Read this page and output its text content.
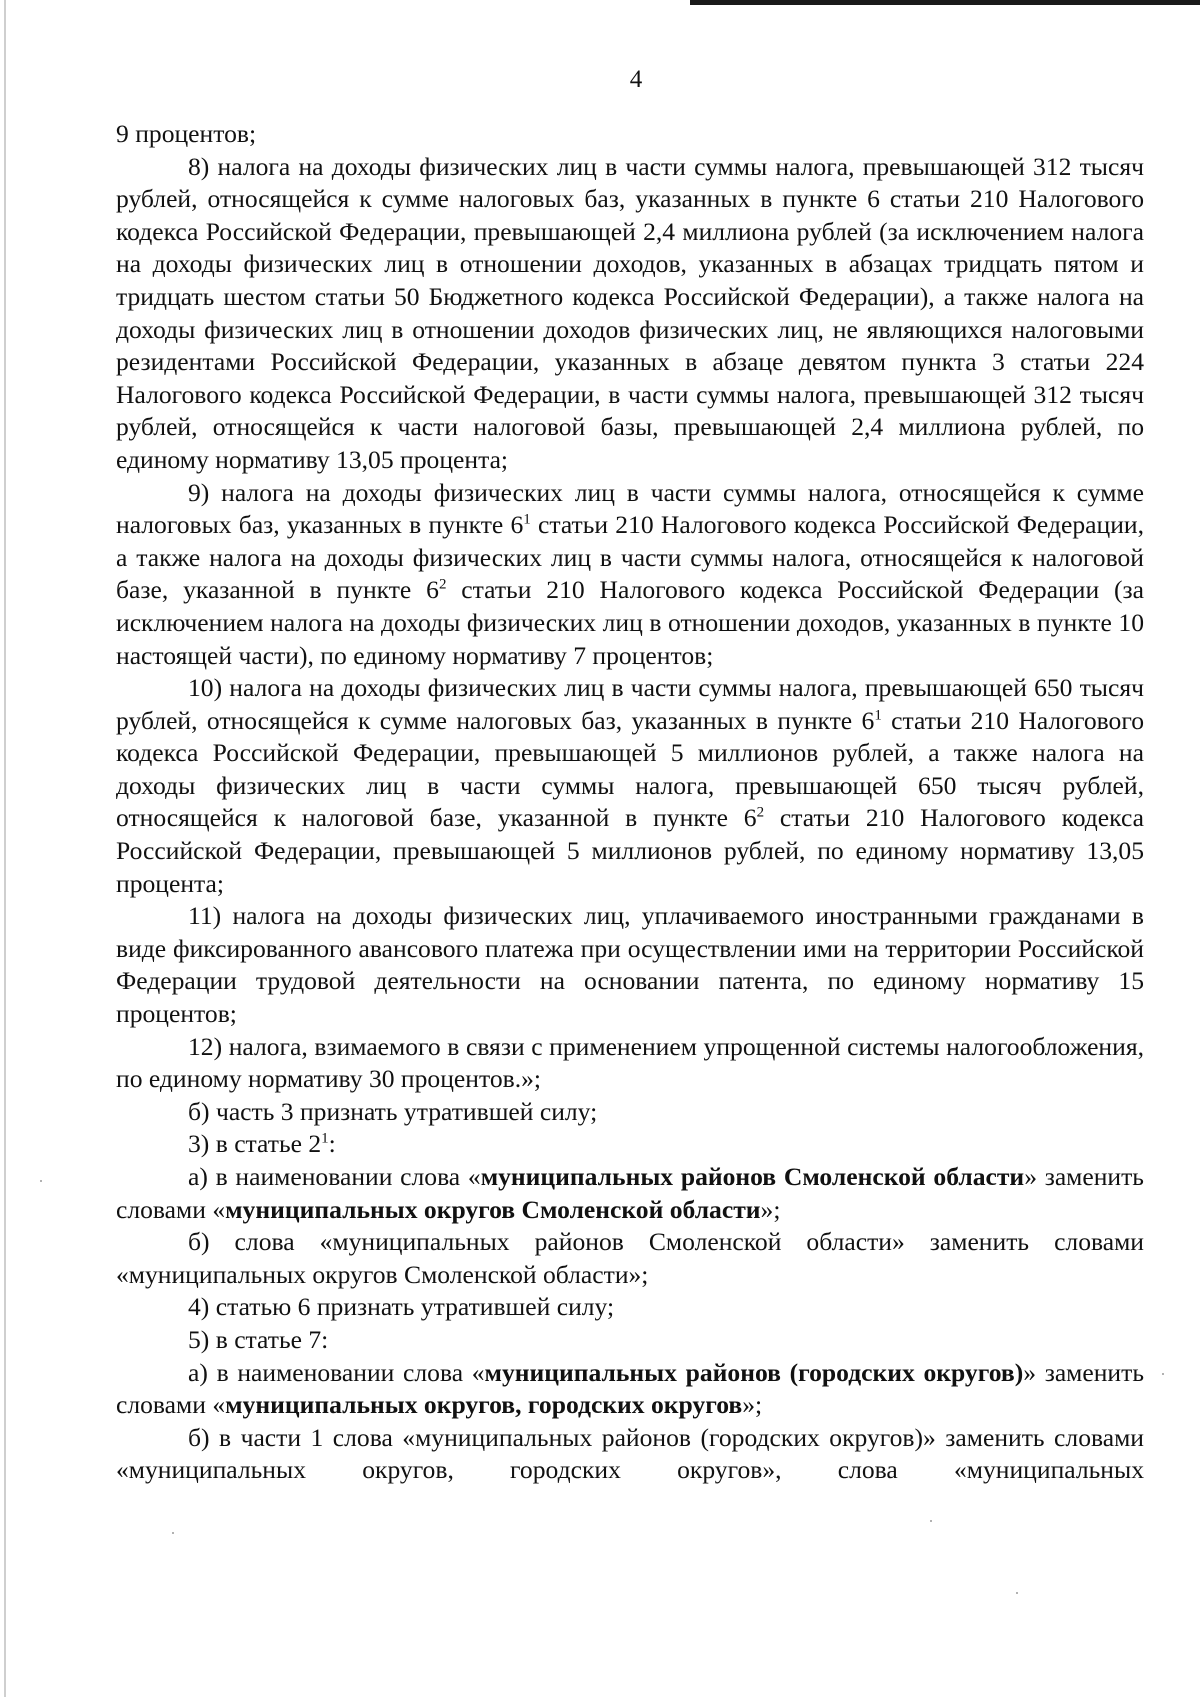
4

9 процентов;

8) налога на доходы физических лиц в части суммы налога, превышающей 312 тысяч рублей, относящейся к сумме налоговых баз, указанных в пункте 6 статьи 210 Налогового кодекса Российской Федерации, превышающей 2,4 миллиона рублей (за исключением налога на доходы физических лиц в отношении доходов, указанных в абзацах тридцать пятом и тридцать шестом статьи 50 Бюджетного кодекса Российской Федерации), а также налога на доходы физических лиц в отношении доходов физических лиц, не являющихся налоговыми резидентами Российской Федерации, указанных в абзаце девятом пункта 3 статьи 224 Налогового кодекса Российской Федерации, в части суммы налога, превышающей 312 тысяч рублей, относящейся к части налоговой базы, превышающей 2,4 миллиона рублей, по единому нормативу 13,05 процента;

9) налога на доходы физических лиц в части суммы налога, относящейся к сумме налоговых баз, указанных в пункте $6^1$ статьи 210 Налогового кодекса Российской Федерации, а также налога на доходы физических лиц в части суммы налога, относящейся к налоговой базе, указанной в пункте $6^2$ статьи 210 Налогового кодекса Российской Федерации (за исключением налога на доходы физических лиц в отношении доходов, указанных в пункте 10 настоящей части), по единому нормативу 7 процентов;

10) налога на доходы физических лиц в части суммы налога, превышающей 650 тысяч рублей, относящейся к сумме налоговых баз, указанных в пункте $6^1$ статьи 210 Налогового кодекса Российской Федерации, превышающей 5 миллионов рублей, а также налога на доходы физических лиц в части суммы налога, превышающей 650 тысяч рублей, относящейся к налоговой базе, указанной в пункте $6^2$ статьи 210 Налогового кодекса Российской Федерации, превышающей 5 миллионов рублей, по единому нормативу 13,05 процента;

11) налога на доходы физических лиц, уплачиваемого иностранными гражданами в виде фиксированного авансового платежа при осуществлении ими на территории Российской Федерации трудовой деятельности на основании патента, по единому нормативу 15 процентов;

12) налога, взимаемого в связи с применением упрощенной системы налогообложения, по единому нормативу 30 процентов.»;

б) часть 3 признать утратившей силу;

3) в статье $2^1$:

а) в наименовании слова «муниципальных районов Смоленской области» заменить словами «муниципальных округов Смоленской области»;

б) слова «муниципальных районов Смоленской области» заменить словами «муниципальных округов Смоленской области»;

4) статью 6 признать утратившей силу;

5) в статье 7:

а) в наименовании слова «муниципальных районов (городских округов)» заменить словами «муниципальных округов, городских округов»;

б) в части 1 слова «муниципальных районов (городских округов)» заменить словами «муниципальных округов, городских округов», слова «муниципальных
